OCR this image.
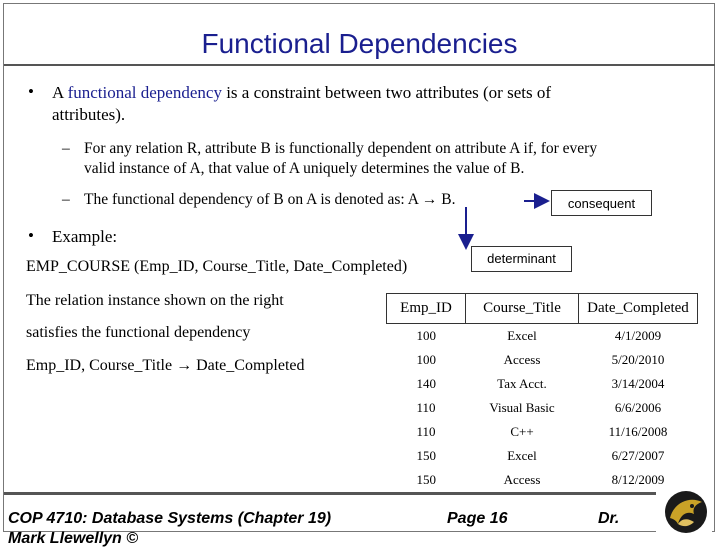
Functional Dependencies
• A functional dependency is a constraint between two attributes (or sets of
attributes).
– For any relation R, attribute B is functionally dependent on attribute A if, for every
valid instance of A, that value of A uniquely determines the value of B.
– The functional dependency of B on A is denoted as: A → B.	consequent
• Example:
determinant
EMP_COURSE (Emp_ID, Course_Title, Date_Completed)
The relation instance shown on the right
satisfies the functional dependency
Emp_ID, Course_Title → Date_Completed
Emp_ID	Course_Title	Date_Completed
100	Excel	4/1/2009
100	Access	5/20/2010
140	Tax Acct.	3/14/2004
110	Visual Basic	6/6/2006
110	C++	11/16/2008
150	Excel	6/27/2007
150	Access	8/12/2009
COP 4710: Database Systems (Chapter 19)	Page 16	Dr.
Mark Llewellyn ©
